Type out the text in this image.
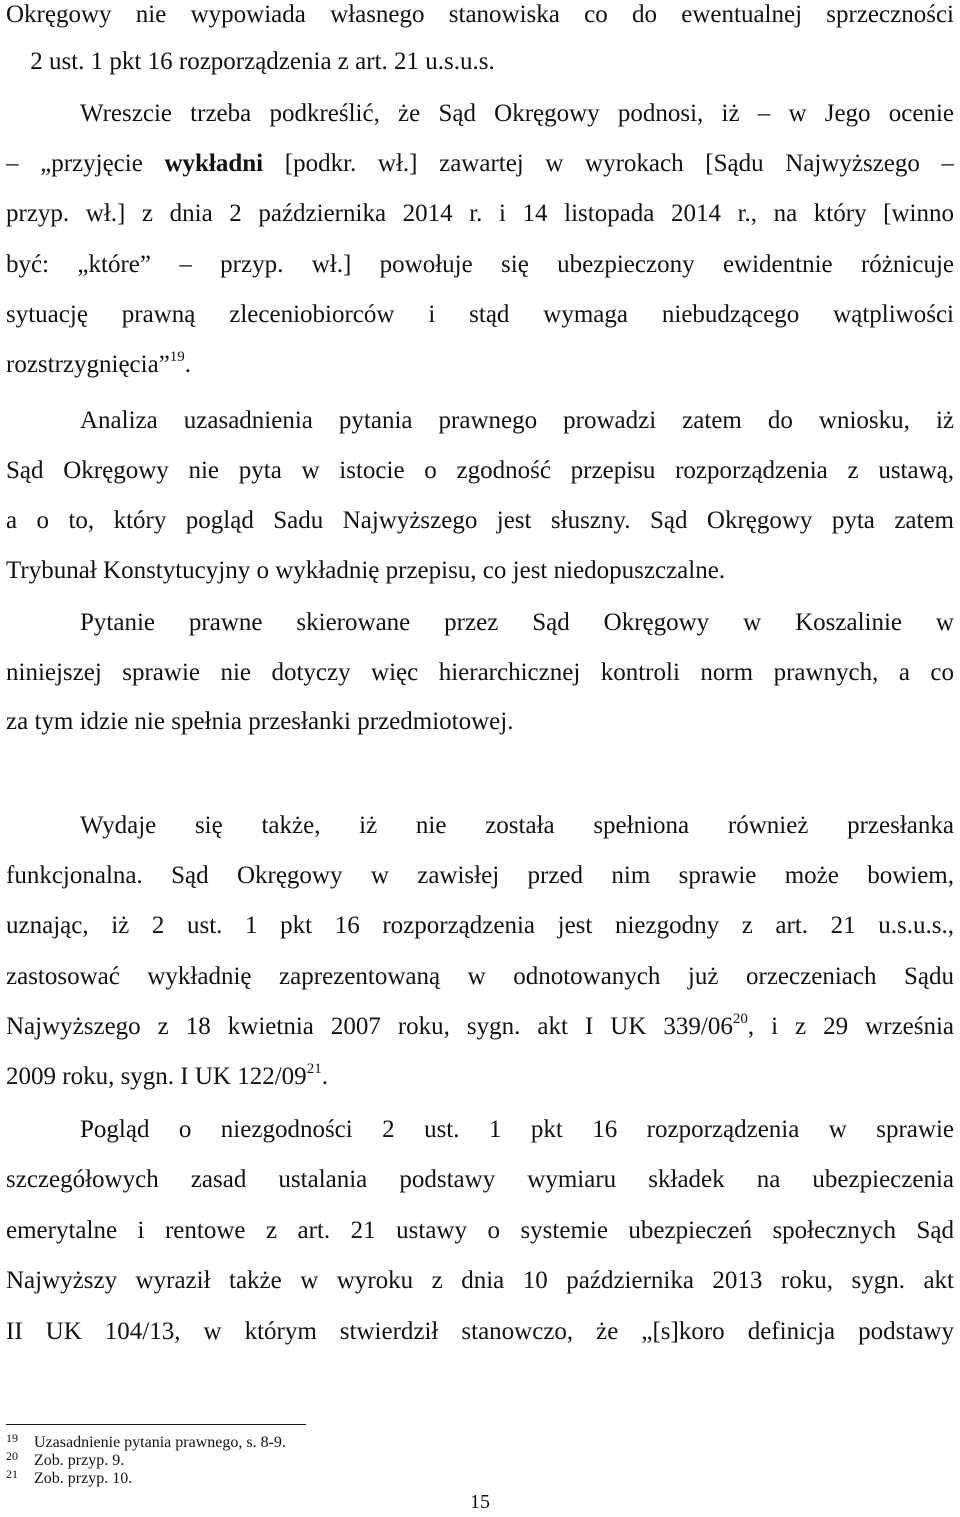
Okręgowy nie wypowiada własnego stanowiska co do ewentualnej sprzeczności

2 ust. 1 pkt 16 rozporządzenia z art. 21 u.s.u.s.

Wreszcie trzeba podkreślić, że Sąd Okręgowy podnosi, iż – w Jego ocenie

– „przyjęcie wykładni [podkr. wł.] zawartej w wyrokach [Sądu Najwyższego –

przyp. wł.] z dnia 2 października 2014 r. i 14 listopada 2014 r., na który [winno

być: „które” – przyp. wł.] powołuje się ubezpieczony ewidentnie różnicuje

sytuację prawną zleceniobiorców i stąd wymaga niebudzącego wątpliwości

rozstrzygnięcia”$^{19}$.

Analiza uzasadnienia pytania prawnego prowadzi zatem do wniosku, iż

Sąd Okręgowy nie pyta w istocie o zgodność przepisu rozporządzenia z ustawą,

a o to, który pogląd Sadu Najwyższego jest słuszny. Sąd Okręgowy pyta zatem

Trybunał Konstytucyjny o wykładnię przepisu, co jest niedopuszczalne.

Pytanie prawne skierowane przez Sąd Okręgowy w Koszalinie w

niniejszej sprawie nie dotyczy więc hierarchicznej kontroli norm prawnych, a co

za tym idzie nie spełnia przesłanki przedmiotowej.

Wydaje się także, iż nie została spełniona również przesłanka

funkcjonalna. Sąd Okręgowy w zawisłej przed nim sprawie może bowiem,

uznając, iż 2 ust. 1 pkt 16 rozporządzenia jest niezgodny z art. 21 u.s.u.s.,

zastosować wykładnię zaprezentowaną w odnotowanych już orzeczeniach Sądu

Najwyższego z 18 kwietnia 2007 roku, sygn. akt I UK $339/06^{20}$, i z 29 września

2009 roku, sygn. I UK $122/09^{21}$.

Pogląd o niezgodności 2 ust. 1 pkt 16 rozporządzenia w sprawie

szczegółowych zasad ustalania podstawy wymiaru składek na ubezpieczenia

emerytalne i rentowe z art. 21 ustawy o systemie ubezpieczeń społecznych Sąd

Najwyższy wyraził także w wyroku z dnia 10 października 2013 roku, sygn. akt

II UK 104/13, w którym stwierdził stanowczo, że „[s]koro definicja podstawy

19 Uzasadnienie pytania prawnego, s. 8-9.
20 Zob. przyp. 9.
21 Zob. przyp. 10.
15
